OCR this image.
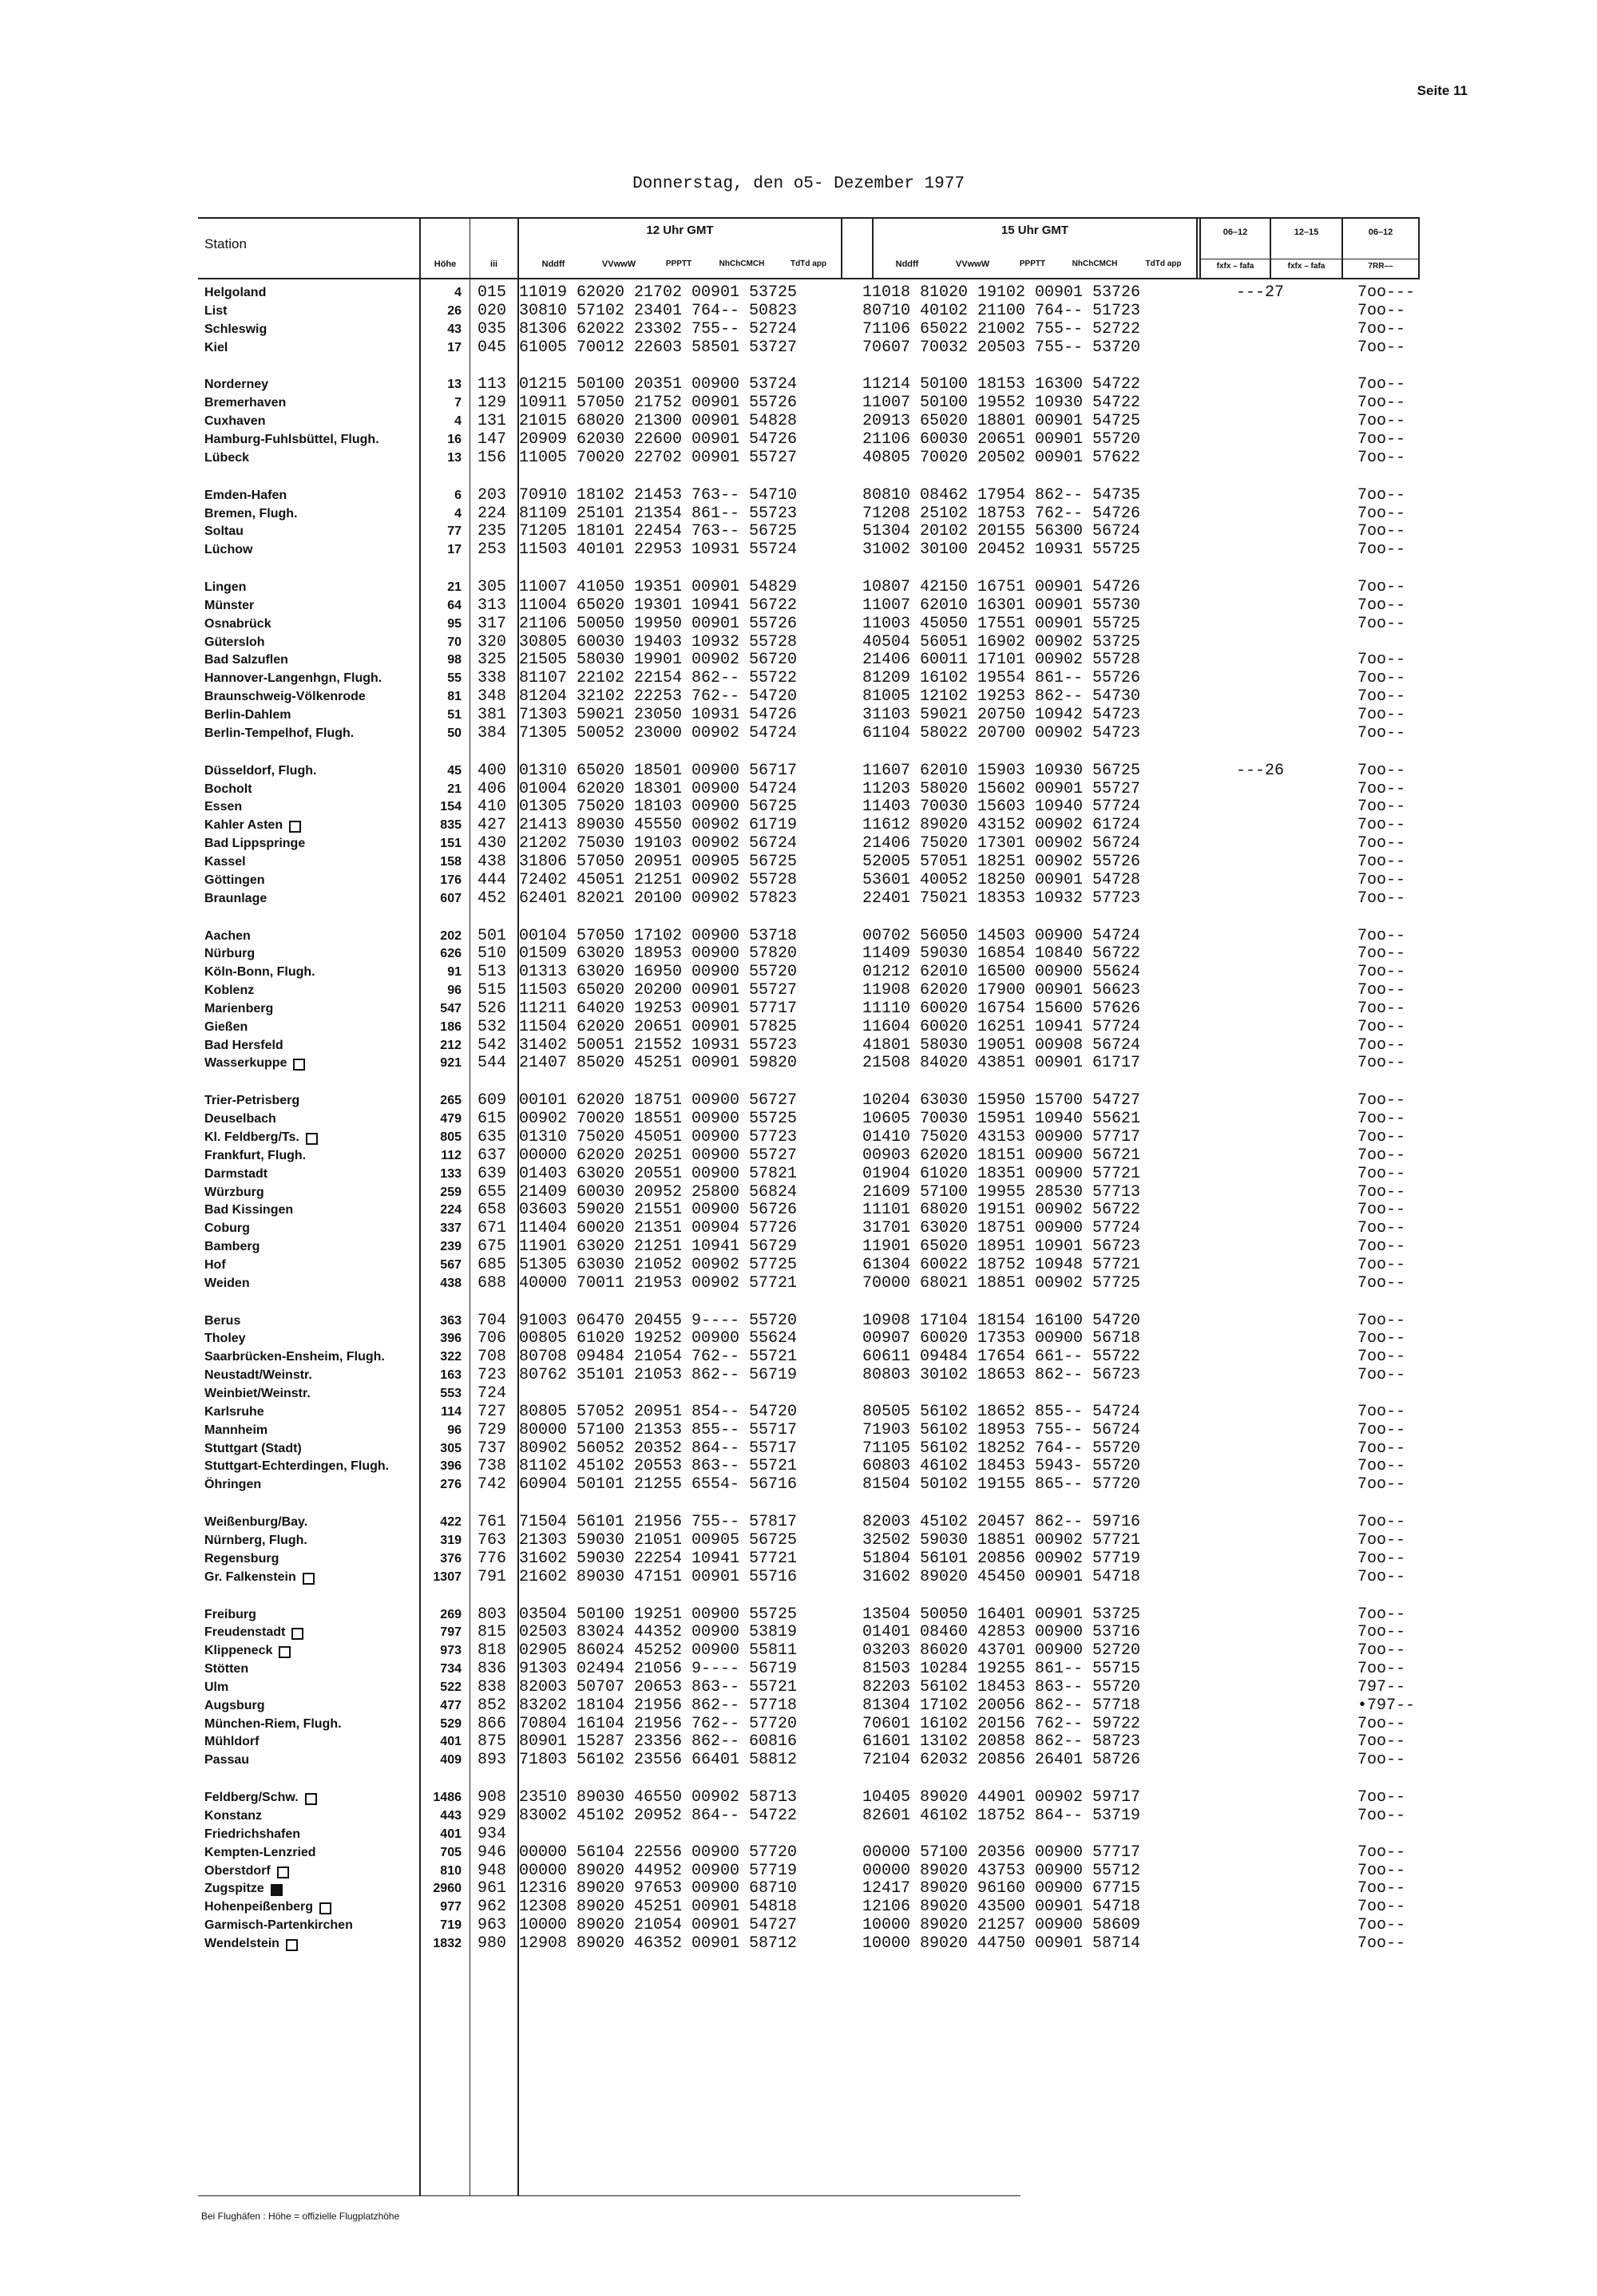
Seite 11
Donnerstag, den o5- Dezember 1977
Station
Höhe	iii
12 Uhr GMT	15 Uhr GMT
Nddff	VVwwW	PPPTT	NhChCMCH	TdTd app	Nddff	VVwwW	PPPTT	NhChCMCH	TdTd app
06–12	12–15	06–12
fxfx – fafa	fxfx – fafa	7RR––
Helgoland	4 015 11019 62020 21702 00901 53725	11018 81020 19102 00901 53726	---27	7oo---
List	26 020 30810 57102 23401 764-- 50823	80710 40102 21100 764-- 51723	7oo--
Schleswig	43 035 81306 62022 23302 755-- 52724	71106 65022 21002 755-- 52722	7oo--
Kiel	17 045 61005 70012 22603 58501 53727	70607 70032 20503 755-- 53720	7oo--
Norderney	13 113 01215 50100 20351 00900 53724	11214 50100 18153 16300 54722	7oo--
Bremerhaven	7 129 10911 57050 21752 00901 55726	11007 50100 19552 10930 54722	7oo--
Cuxhaven	4 131 21015 68020 21300 00901 54828	20913 65020 18801 00901 54725	7oo--
Hamburg-Fuhlsbüttel, Flugh.	16 147 20909 62030 22600 00901 54726	21106 60030 20651 00901 55720	7oo--
Lübeck	13 156 11005 70020 22702 00901 55727	40805 70020 20502 00901 57622	7oo--
Emden-Hafen	6 203 70910 18102 21453 763-- 54710	80810 08462 17954 862-- 54735	7oo--
Bremen, Flugh.	4 224 81109 25101 21354 861-- 55723	71208 25102 18753 762-- 54726	7oo--
Soltau	77 235 71205 18101 22454 763-- 56725	51304 20102 20155 56300 56724	7oo--
Lüchow	17 253 11503 40101 22953 10931 55724	31002 30100 20452 10931 55725	7oo--
Lingen	21 305 11007 41050 19351 00901 54829	10807 42150 16751 00901 54726	7oo--
Münster	64 313 11004 65020 19301 10941 56722	11007 62010 16301 00901 55730	7oo--
Osnabrück	95 317 21106 50050 19950 00901 55726	11003 45050 17551 00901 55725	7oo--
Gütersloh	70 320 30805 60030 19403 10932 55728	40504 56051 16902 00902 53725
Bad Salzuflen	98 325 21505 58030 19901 00902 56720	21406 60011 17101 00902 55728	7oo--
Hannover-Langenhgn, Flugh.	55 338 81107 22102 22154 862-- 55722	81209 16102 19554 861-- 55726	7oo--
Braunschweig-Völkenrode	81 348 81204 32102 22253 762-- 54720	81005 12102 19253 862-- 54730	7oo--
Berlin-Dahlem	51 381 71303 59021 23050 10931 54726	31103 59021 20750 10942 54723	7oo--
Berlin-Tempelhof, Flugh.	50 384 71305 50052 23000 00902 54724	61104 58022 20700 00902 54723	7oo--
Düsseldorf, Flugh.	45 400 01310 65020 18501 00900 56717	11607 62010 15903 10930 56725	---26	7oo--
Bocholt	21 406 01004 62020 18301 00900 54724	11203 58020 15602 00901 55727	7oo--
Essen	154 410 01305 75020 18103 00900 56725	11403 70030 15603 10940 57724	7oo--
Kahler Asten	835 427 21413 89030 45550 00902 61719	11612 89020 43152 00902 61724	7oo--
Bad Lippspringe	151 430 21202 75030 19103 00902 56724	21406 75020 17301 00902 56724	7oo--
Kassel	158 438 31806 57050 20951 00905 56725	52005 57051 18251 00902 55726	7oo--
Göttingen	176 444 72402 45051 21251 00902 55728	53601 40052 18250 00901 54728	7oo--
Braunlage	607 452 62401 82021 20100 00902 57823	22401 75021 18353 10932 57723	7oo--
Aachen	202 501 00104 57050 17102 00900 53718	00702 56050 14503 00900 54724	7oo--
Nürburg	626 510 01509 63020 18953 00900 57820	11409 59030 16854 10840 56722	7oo--
Köln-Bonn, Flugh.	91 513 01313 63020 16950 00900 55720	01212 62010 16500 00900 55624	7oo--
Koblenz	96 515 11503 65020 20200 00901 55727	11908 62020 17900 00901 56623	7oo--
Marienberg	547 526 11211 64020 19253 00901 57717	11110 60020 16754 15600 57626	7oo--
Gießen	186 532 11504 62020 20651 00901 57825	11604 60020 16251 10941 57724	7oo--
Bad Hersfeld	212 542 31402 50051 21552 10931 55723	41801 58030 19051 00908 56724	7oo--
Wasserkuppe	921 544 21407 85020 45251 00901 59820	21508 84020 43851 00901 61717	7oo--
Trier-Petrisberg	265 609 00101 62020 18751 00900 56727	10204 63030 15950 15700 54727	7oo--
Deuselbach	479 615 00902 70020 18551 00900 55725	10605 70030 15951 10940 55621	7oo--
Kl. Feldberg/Ts.	805 635 01310 75020 45051 00900 57723	01410 75020 43153 00900 57717	7oo--
Frankfurt, Flugh.	112 637 00000 62020 20251 00900 55727	00903 62020 18151 00900 56721	7oo--
Darmstadt	133 639 01403 63020 20551 00900 57821	01904 61020 18351 00900 57721	7oo--
Würzburg	259 655 21409 60030 20952 25800 56824	21609 57100 19955 28530 57713	7oo--
Bad Kissingen	224 658 03603 59020 21551 00900 56726	11101 68020 19151 00902 56722	7oo--
Coburg	337 671 11404 60020 21351 00904 57726	31701 63020 18751 00900 57724	7oo--
Bamberg	239 675 11901 63020 21251 10941 56729	11901 65020 18951 10901 56723	7oo--
Hof	567 685 51305 63030 21052 00902 57725	61304 60022 18752 10948 57721	7oo--
Weiden	438 688 40000 70011 21953 00902 57721	70000 68021 18851 00902 57725	7oo--
Berus	363 704 91003 06470 20455 9---- 55720	10908 17104 18154 16100 54720	7oo--
Tholey	396 706 00805 61020 19252 00900 55624	00907 60020 17353 00900 56718	7oo--
Saarbrücken-Ensheim, Flugh.	322 708 80708 09484 21054 762-- 55721	60611 09484 17654 661-- 55722	7oo--
Neustadt/Weinstr.	163 723 80762 35101 21053 862-- 56719	80803 30102 18653 862-- 56723	7oo--
Weinbiet/Weinstr.	553 724
Karlsruhe	114 727 80805 57052 20951 854-- 54720	80505 56102 18652 855-- 54724	7oo--
Mannheim	96 729 80000 57100 21353 855-- 55717	71903 56102 18953 755-- 56724	7oo--
Stuttgart (Stadt)	305 737 80902 56052 20352 864-- 55717	71105 56102 18252 764-- 55720	7oo--
Stuttgart-Echterdingen, Flugh.	396 738 81102 45102 20553 863-- 55721	60803 46102 18453 5943- 55720	7oo--
Öhringen	276 742 60904 50101 21255 6554- 56716	81504 50102 19155 865-- 57720	7oo--
Weißenburg/Bay.	422 761 71504 56101 21956 755-- 57817	82003 45102 20457 862-- 59716	7oo--
Nürnberg, Flugh.	319 763 21303 59030 21051 00905 56725	32502 59030 18851 00902 57721	7oo--
Regensburg	376 776 31602 59030 22254 10941 57721	51804 56101 20856 00902 57719	7oo--
Gr. Falkenstein	1307 791 21602 89030 47151 00901 55716	31602 89020 45450 00901 54718	7oo--
Freiburg	269 803 03504 50100 19251 00900 55725	13504 50050 16401 00901 53725	7oo--
Freudenstadt	797 815 02503 83024 44352 00900 53819	01401 08460 42853 00900 53716	7oo--
Klippeneck	973 818 02905 86024 45252 00900 55811	03203 86020 43701 00900 52720	7oo--
Stötten	734 836 91303 02494 21056 9---- 56719	81503 10284 19255 861-- 55715	7oo--
Ulm	522 838 82003 50707 20653 863-- 55721	82203 56102 18453 863-- 55720	797--
Augsburg	477 852 83202 18104 21956 862-- 57718	81304 17102 20056 862-- 57718	•797--
München-Riem, Flugh.	529 866 70804 16104 21956 762-- 57720	70601 16102 20156 762-- 59722	7oo--
Mühldorf	401 875 80901 15287 23356 862-- 60816	61601 13102 20858 862-- 58723	7oo--
Passau	409 893 71803 56102 23556 66401 58812	72104 62032 20856 26401 58726	7oo--
Feldberg/Schw.	1486 908 23510 89030 46550 00902 58713	10405 89020 44901 00902 59717	7oo--
Konstanz	443 929 83002 45102 20952 864-- 54722	82601 46102 18752 864-- 53719	7oo--
Friedrichshafen	401 934
Kempten-Lenzried	705 946 00000 56104 22556 00900 57720	00000 57100 20356 00900 57717	7oo--
Oberstdorf	810 948 00000 89020 44952 00900 57719	00000 89020 43753 00900 55712	7oo--
Zugspitze	2960 961 12316 89020 97653 00900 68710	12417 89020 96160 00900 67715	7oo--
Hohenpeißenberg	977 962 12308 89020 45251 00901 54818	12106 89020 43500 00901 54718	7oo--
Garmisch-Partenkirchen	719 963 10000 89020 21054 00901 54727	10000 89020 21257 00900 58609	7oo--
Wendelstein	1832 980 12908 89020 46352 00901 58712	10000 89020 44750 00901 58714	7oo--
Bei Flughäfen : Höhe = offizielle Flugplatzhöhe
